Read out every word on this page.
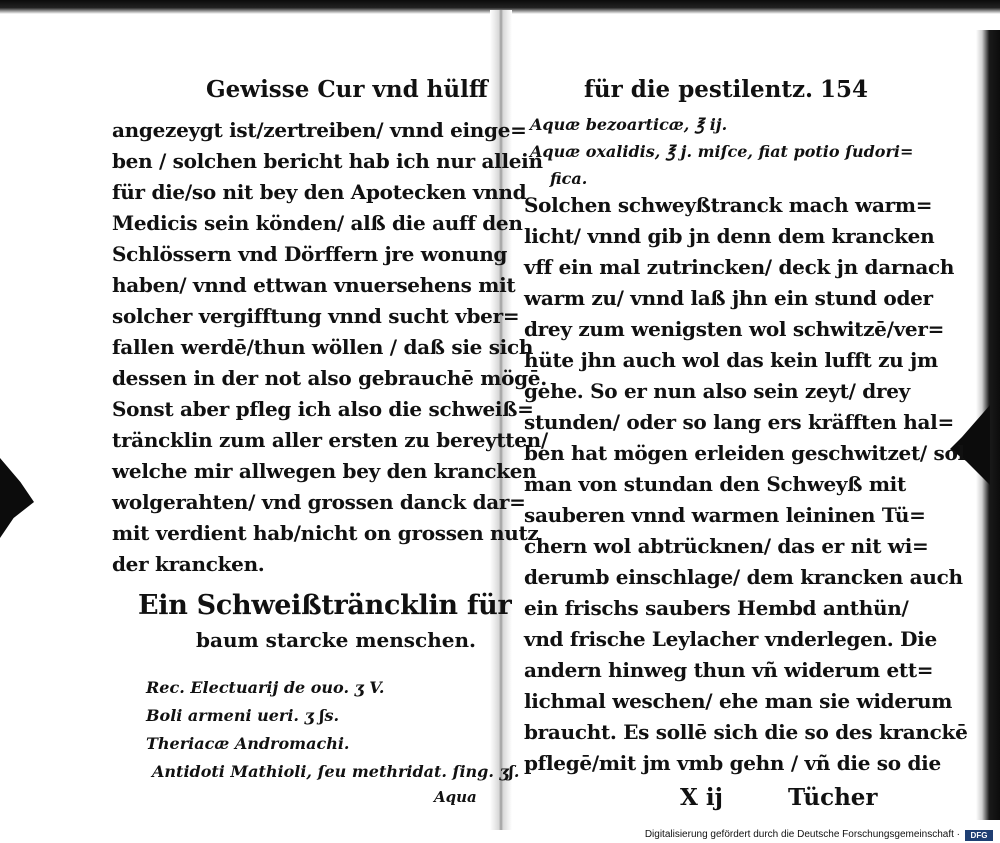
Gewisse Cur vnd hülff
angezeygt ist/zertreiben/ vnnd einge=
ben / solchen bericht hab ich nur allein
für die/so nit bey den Apotecken vnnd
Medicis sein könden/ alß die auff den
Schlössern vnd Dörffern jre wonung
haben/ vnnd ettwan vnuersehens mit
solcher vergifftung vnnd sucht vber=
fallen werdē/thun wöllen / daß sie sich
dessen in der not also gebrauchē mögē.
Sonst aber pfleg ich also die schweiß=
träncklin zum aller ersten zu bereytten/
welche mir allwegen bey den krancken
wolgerahten/ vnd grossen danck dar=
mit verdient hab/nicht on grossen nutz
der krancken.
Ein Schweißträncklin für
baum starcke menschen.
Rec. Electuarij de ouo. ʒ V.
Boli armeni ueri. ʒ ʃs.
Theriacæ Andromachi.
Antidoti Mathioli, ſeu methridat. ſing. ʒʃ.
Aqua
für die pestilentz. 154
Aquæ bezoarticæ, ℥ ij.
Aquæ oxalidis, ℥ j. miſce, fiat potio ſudori=
fica.
Solchen schweyßtranck mach warm=
licht/ vnnd gib jn denn dem krancken
vff ein mal zutrincken/ deck jn darnach
warm zu/ vnnd laß jhn ein stund oder
drey zum wenigsten wol schwitzē/ver=
hüte jhn auch wol das kein lufft zu jm
gehe. So er nun also sein zeyt/ drey
stunden/ oder so lang ers kräfften hal=
ben hat mögen erleiden geschwitzet/ sol
man von stundan den Schweyß mit
sauberen vnnd warmen leininen Tü=
chern wol abtrücknen/ das er nit wi=
derumb einschlage/ dem krancken auch
ein frischs saubers Hembd anthün/
vnd frische Leylacher vnderlegen. Die
andern hinweg thun vñ widerum ett=
lichmal weschen/ ehe man sie widerum
braucht. Es sollē sich die so des kranckē
pflegē/mit jm vmb gehn / vñ die so die
X ij	Tücher
Digitalisierung gefördert durch die Deutsche Forschungsgemeinschaft ·	DFG
